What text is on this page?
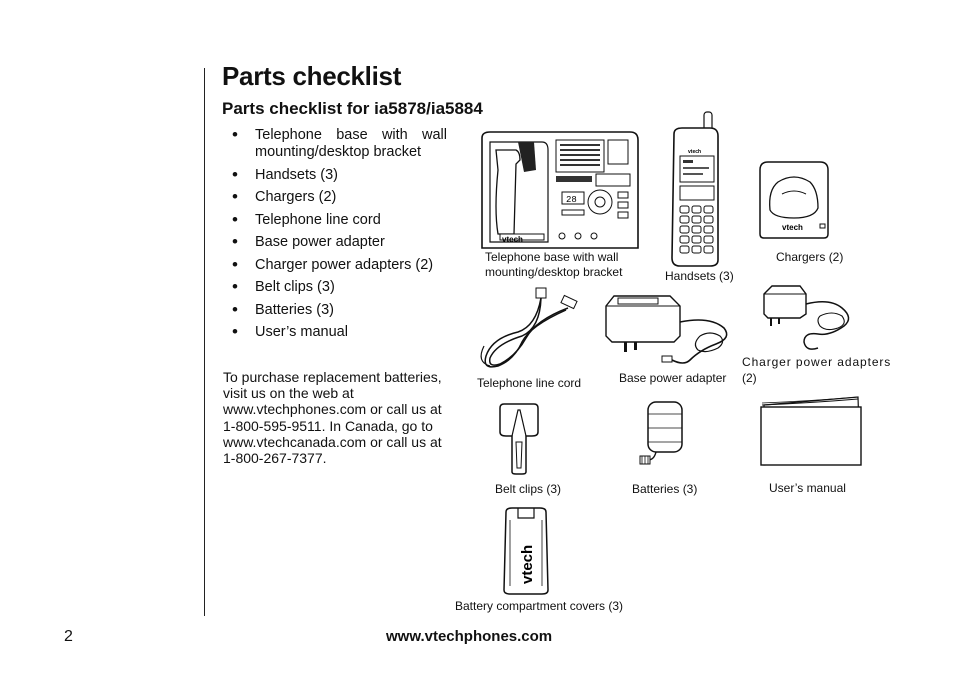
Parts checklist
Parts checklist for ia5878/ia5884
• Telephone base with wall mounting/desktop bracket
• Handsets (3)
• Chargers (2)
• Telephone line cord
• Base power adapter
• Charger power adapters (2)
• Belt clips (3)
• Batteries (3)
• User’s manual

To purchase replacement batteries, visit us on the web at www.vtechphones.com or call us at 1-800-595-9511. In Canada, go to www.vtechcanada.com or call us at 1-800-267-7377.

28
vtech
Telephone base with wall
mounting/desktop bracket
vtech
Handsets (3)
vtech
Chargers (2)
Telephone line cord	Base power adapter
Charger power adapters
(2)
Belt clips (3)	Batteries (3)	User’s manual
vtech
Battery compartment covers (3)
2	www.vtechphones.com
